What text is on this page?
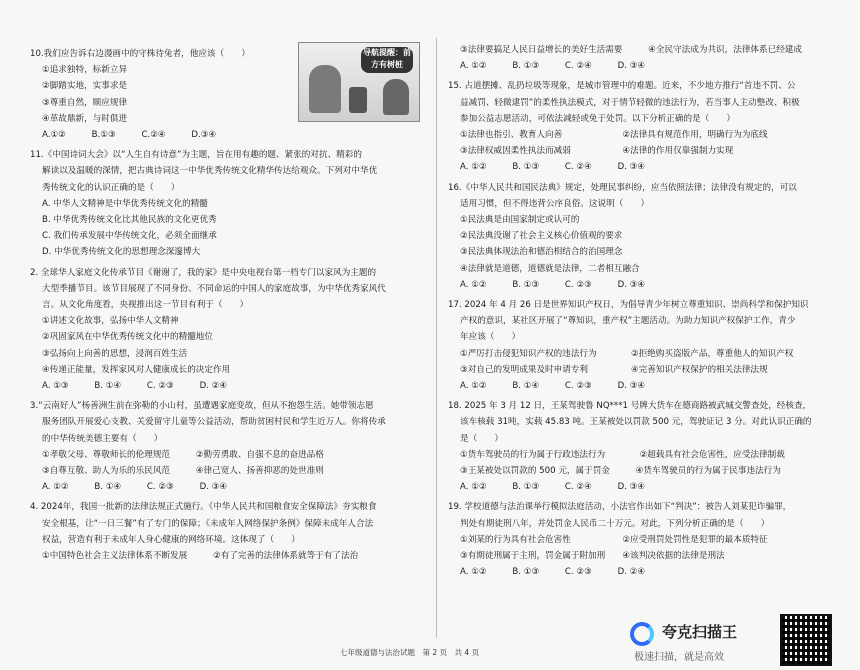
导航提醒：前方有树桩
10.我们应告诉右边漫画中的守株待兔者，他应该（　　）
①追求独特，标新立异
②脚踏实地，实事求是
③尊重自然，顺应规律
④革故鼎新，与时俱进
A.①②　　　B.①③　　　C.②④　　　D.③④
11.《中国诗词大会》以“人生自有诗意”为主题，旨在用有趣的题、紧张的对抗、精彩的
解读以及温暖的深情，把古典诗词这一中华优秀传统文化精华传达给观众。下列对中华优
秀传统文化的认识正确的是（　　）
A. 中华人文精神是中华优秀传统文化的精髓
B. 中华优秀传统文化比其他民族的文化更优秀
C. 我们传承发展中华传统文化，必须全面继承
D. 中华优秀传统文化的思想理念深邃博大
2. 全球华人家庭文化传承节目《谢谢了，我的家》是中央电视台第一档专门以家风为主题的
大型季播节目。该节目展现了不同身份、不同命运的中国人的家庭故事，为中华优秀家风代
言。从文化角度看，央视推出这一节目有利于（　　）
①讲述文化故事，弘扬中华人文精神
②巩固家风在中华优秀传统文化中的精髓地位
③弘扬向上向善的思想，浸润百姓生活
④传递正能量，发挥家风对人健康成长的决定作用
A. ①③　　　B. ①④　　　C. ②③　　　D. ②④
3.“云南好人”杨善洲生前在弥勒的小山村，虽遭遇家庭变故，但从不抱怨生活。她带领志愿
服务团队开展爱心支教、关爱留守儿童等公益活动，帮助贫困村民和学生近万人。你将传承
的中华传统美德主要有（　　）
①孝敬父母、尊敬师长的伦理规范　　　②勤劳勇敢、自强不息的奋进品格
③自尊互敬、助人为乐的乐民风范　　　④律己宽人、扬善抑恶的处世准则
A. ①②　　　B. ①④　　　C. ②③　　　D. ③④
4. 2024年，我国一批新的法律法规正式施行。《中华人民共和国粮食安全保障法》夯实粮食
安全根基，让“一日三餐”有了专门的保障；《未成年人网络保护条例》保障未成年人合法
权益，营造有利于未成年人身心健康的网络环境。这体现了（　　）
①中国特色社会主义法律体系不断发展　　　②有了完善的法律体系就等于有了法治
③法律要搞足人民日益增长的美好生活需要　　　④全民守法成为共识，法律体系已经建成
A. ①②　　　B. ①③　　　C. ②④　　　D. ③④
15. 占道摆摊、乱扔垃圾等现象，是城市管理中的难题。近来，不少地方推行“首违不罚、公
益减罚、轻微逮罚”的柔性执法模式，对于情节轻微的违法行为，若当事人主动整改、积极
参加公益志愿活动，可依法减轻或免于处罚。以下分析正确的是（　　）
①法律也指引、教育人向善　　　　　　　②法律具有规范作用，明确行为为底线
③法律权威因柔性执法而减弱　　　　　　④法律的作用仅靠强制力实现
A. ①②　　　B. ①③　　　C. ②④　　　D. ③④
16.《中华人民共和国民法典》规定，处理民事纠纷，应当依照法律；法律没有规定的，可以
适用习惯，但不得违背公序良俗。这说明（　　）
①民法典是由国家制定或认可的
②民法典没谢了社会主义核心价值观的要求
③民法典体现法治和德治相结合的治国理念
④法律就是道德，道德就是法律，二者相互融合
A. ①②　　　B. ①③　　　C. ②③　　　D. ③④
17. 2024 年 4 月 26 日是世界知识产权日，为倡导青少年树立尊重知识、崇尚科学和保护知识
产权的意识，某社区开展了“尊知识，重产权”主题活动。为助力知识产权保护工作，青少
年应该（　　）
①严厉打击侵犯知识产权的违法行为　　　　②拒绝购买盗版产品，尊重他人的知识产权
③对自己的发明成果及时申请专利　　　　　④完善知识产权保护的相关法律法规
A. ①②　　　B. ①④　　　C. ②③　　　D. ③④
18. 2025 年 3 月 12 日，王某驾驶鲁 NQ***1 号牌大货车在德商路被武城交警查处，经核查，
该车核载 31吨，实载 45.83 吨。王某被处以罚款 500 元，驾驶证记 3 分。对此认识正确的
是（　　）
①货车驾驶员的行为属于行政违法行为　　　　②超载具有社会危害性，应受法律制裁
③王某被处以罚款的 500 元，属于罚金　　　④货车驾驶员的行为属于民事违法行为
A. ①②　　　B. ①③　　　C. ②④　　　D. ③④
19. 学校道德与法治课举行模拟法庭活动，小法官作出如下“判决”：被告人刘某犯诈骗罪，
判处有期徒刑八年，并处罚金人民币二十万元。对此，下列分析正确的是（　　）
①刘某的行为具有社会危害性　　　　　　②应受刑罚处罚性是犯罪的最本质特征
③有期徒刑属于主刑，罚金属于附加刑　　④该判决依据的法律是刑法
A. ①②　　　B. ①③　　　C. ②③　　　D. ②④
七年级道德与法治试题　第 2 页　共 4 页
夸克扫描王
极速扫描，就是高效
